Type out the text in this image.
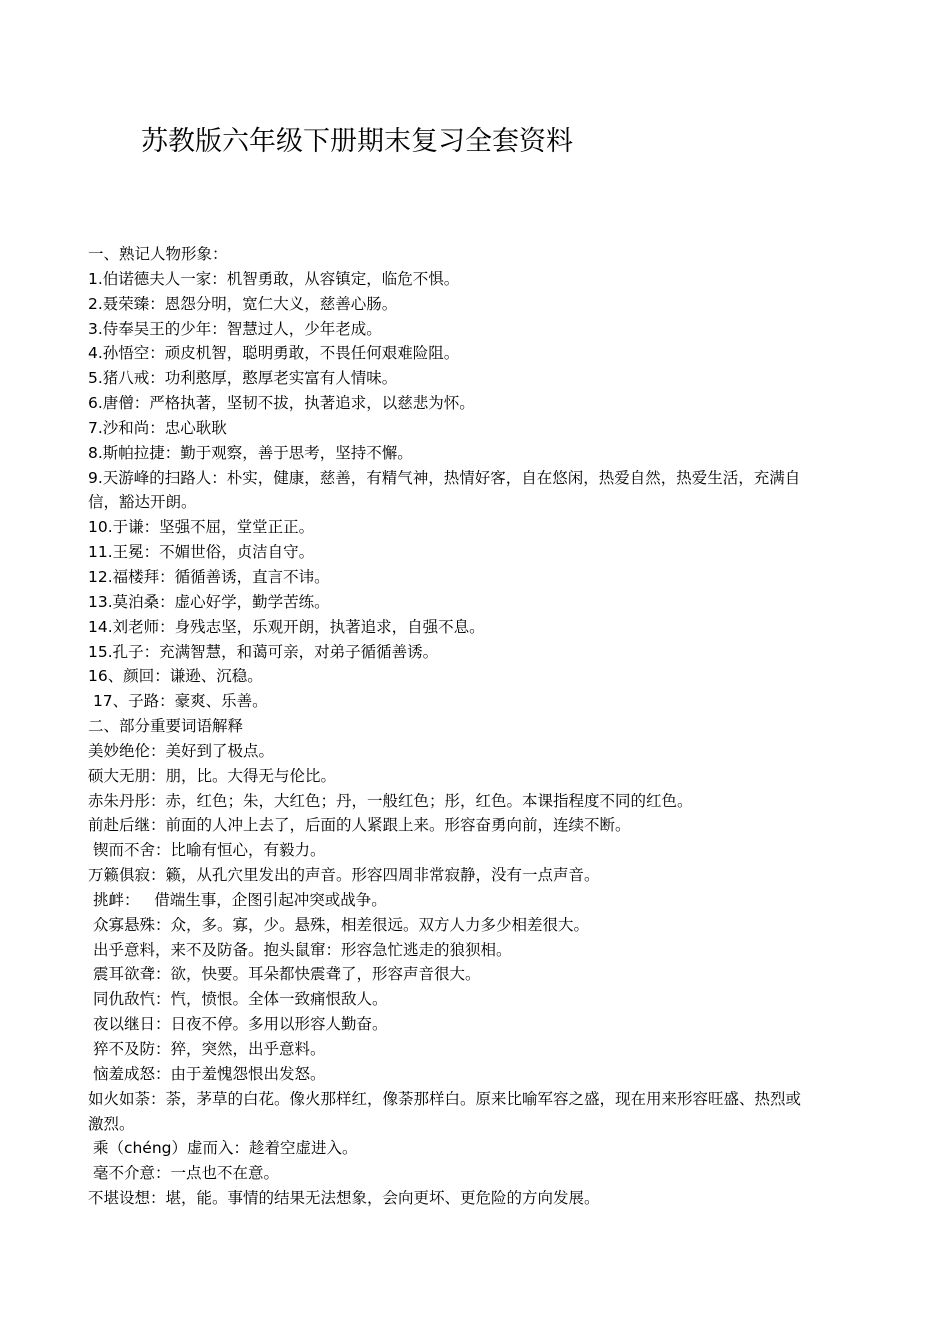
苏教版六年级下册期末复习全套资料

一、熟记人物形象：

1.伯诺德夫人一家：机智勇敢，从容镇定，临危不惧。

2.聂荣臻：恩怨分明，宽仁大义，慈善心肠。

3.侍奉吴王的少年：智慧过人，少年老成。

4.孙悟空：顽皮机智，聪明勇敢，不畏任何艰难险阻。

5.猪八戒：功利憨厚，憨厚老实富有人情味。

6.唐僧：严格执著，坚韧不拔，执著追求，以慈悲为怀。

7.沙和尚：忠心耿耿

8.斯帕拉捷：勤于观察，善于思考，坚持不懈。

9.天游峰的扫路人：朴实，健康，慈善，有精气神，热情好客，自在悠闲，热爱自然，热爱生活，充满自

信，豁达开朗。

10.于谦：坚强不屈，堂堂正正。

11.王冕：不媚世俗，贞洁自守。

12.福楼拜：循循善诱，直言不讳。

13.莫泊桑：虚心好学，勤学苦练。

14.刘老师：身残志坚，乐观开朗，执著追求，自强不息。

15.孔子：充满智慧，和蔼可亲，对弟子循循善诱。

16、颜回：谦逊、沉稳。

17、子路：豪爽、乐善。

二、部分重要词语解释

美妙绝伦：美好到了极点。

硕大无朋：朋，比。大得无与伦比。

赤朱丹彤：赤，红色；朱，大红色；丹，一般红色；彤，红色。本课指程度不同的红色。

前赴后继：前面的人冲上去了，后面的人紧跟上来。形容奋勇向前，连续不断。

锲而不舍：比喻有恒心，有毅力。

万籁俱寂：籁，从孔穴里发出的声音。形容四周非常寂静，没有一点声音。

挑衅：   借端生事，企图引起冲突或战争。

众寡悬殊：众，多。寡，少。悬殊，相差很远。双方人力多少相差很大。

出乎意料，来不及防备。抱头鼠窜：形容急忙逃走的狼狈相。

震耳欲聋：欲，快要。耳朵都快震聋了，形容声音很大。

同仇敌忾：忾，愤恨。全体一致痛恨敌人。

夜以继日：日夜不停。多用以形容人勤奋。

猝不及防：猝，突然，出乎意料。

恼羞成怒：由于羞愧怨恨出发怒。

如火如荼：荼，茅草的白花。像火那样红，像荼那样白。原来比喻军容之盛，现在用来形容旺盛、热烈或

激烈。

乘（chéng）虚而入：趁着空虚进入。

毫不介意：一点也不在意。

不堪设想：堪，能。事情的结果无法想象，会向更坏、更危险的方向发展。
